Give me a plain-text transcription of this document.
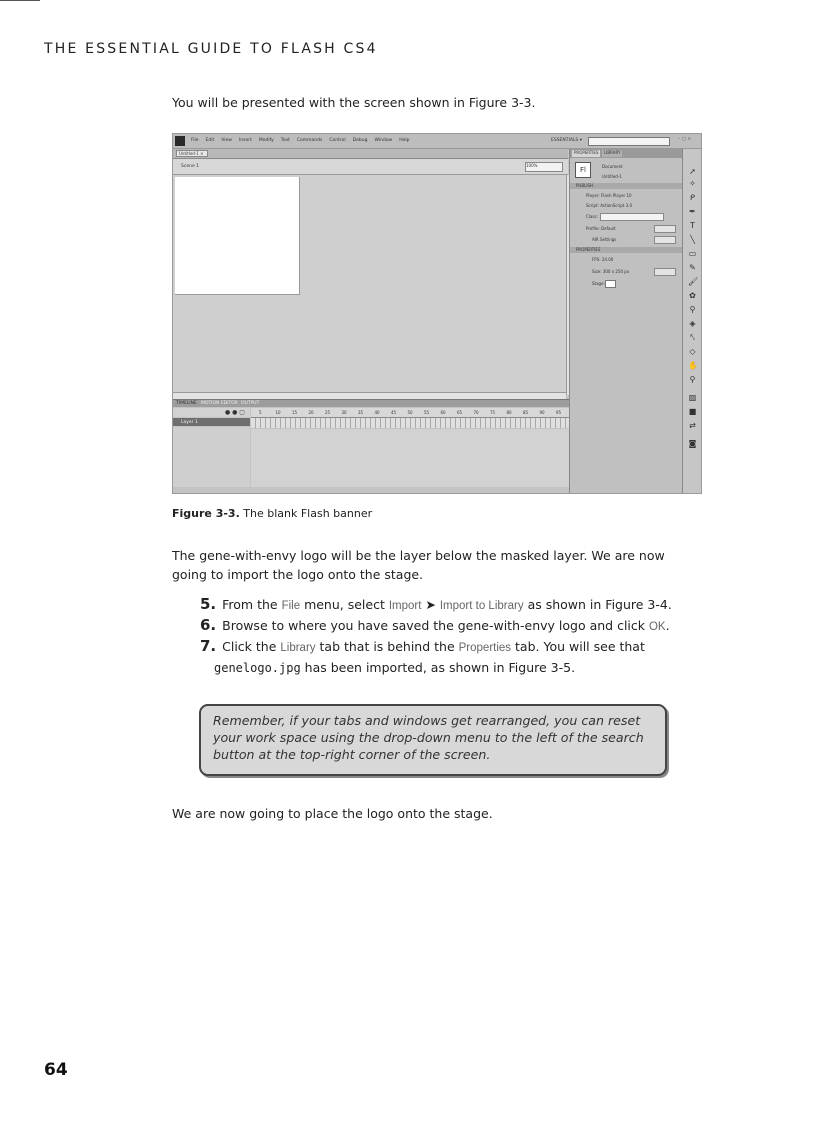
THE ESSENTIAL GUIDE TO FLASH CS4
You will be presented with the screen shown in Figure 3-3.
File Edit View Insert Modify Text Commands Control Debug Window Help	ESSENTIALS ▾	– ▢ ×
Untitled-1 ×
Scene 1	100%
TIMELINE MOTION EDITOR OUTPUT
● ● ▢	5	10	15	20	25	30	35	40	45	50	55	60	65	70	75	80	85	90	95
Layer 1
PROPERTIES	LIBRARY
Fl	Document
Untitled-1
PUBLISH
Player: Flash Player 10
Script: ActionScript 3.0
Class:
Profile: Default
AIR Settings
PROPERTIES
FPS: 24.00
Size: 300 x 250 px
Stage:
➚
✧
ᑭ
✒
T
╲
▭
✎
🖌
✿
⚲
◈
⤣
◇
✋
⚲
▨
■
⇄
◙
Figure 3-3. The blank Flash banner
The gene-with-envy logo will be the layer below the masked layer. We are now going to import the logo onto the stage.

5. From the File menu, select Import ➤ Import to Library as shown in Figure 3-4.

6. Browse to where you have saved the gene-with-envy logo and click OK.

7. Click the Library tab that is behind the Properties tab. You will see that genelogo.jpg has been imported, as shown in Figure 3-5.

Remember, if your tabs and windows get rearranged, you can reset your work space using the drop-down menu to the left of the search button at the top-right corner of the screen.
We are now going to place the logo onto the stage.
64
